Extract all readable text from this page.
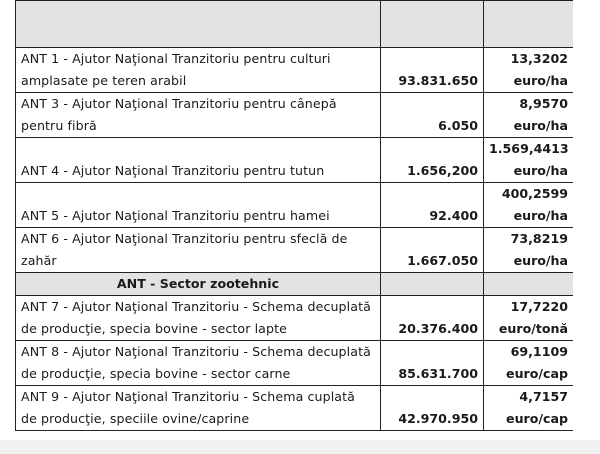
ANT 1 - Ajutor Naţional Tranzitoriu pentru culturi amplasate pe teren arabil	93.831.650	13,3202
euro/ha

ANT 3 - Ajutor Naţional Tranzitoriu pentru cânepă pentru fibră	6.050	8,9570
euro/ha

ANT 4 - Ajutor Naţional Tranzitoriu pentru tutun	1.656,200	1.569,4413
euro/ha

ANT 5 - Ajutor Naţional Tranzitoriu pentru hamei	92.400	400,2599
euro/ha

ANT 6 - Ajutor Naţional Tranzitoriu pentru sfeclă de zahăr	1.667.050	73,8219
euro/ha

ANT - Sector zootehnic		
ANT 7 - Ajutor Naţional Tranzitoriu - Schema decuplată de producţie, specia bovine - sector lapte	20.376.400	17,7220
euro/tonă

ANT 8 - Ajutor Naţional Tranzitoriu - Schema decuplată de producţie, specia bovine - sector carne	85.631.700	69,1109
euro/cap

ANT 9 - Ajutor Naţional Tranzitoriu - Schema cuplată de producţie, speciile ovine/caprine	42.970.950	4,7157
euro/cap
